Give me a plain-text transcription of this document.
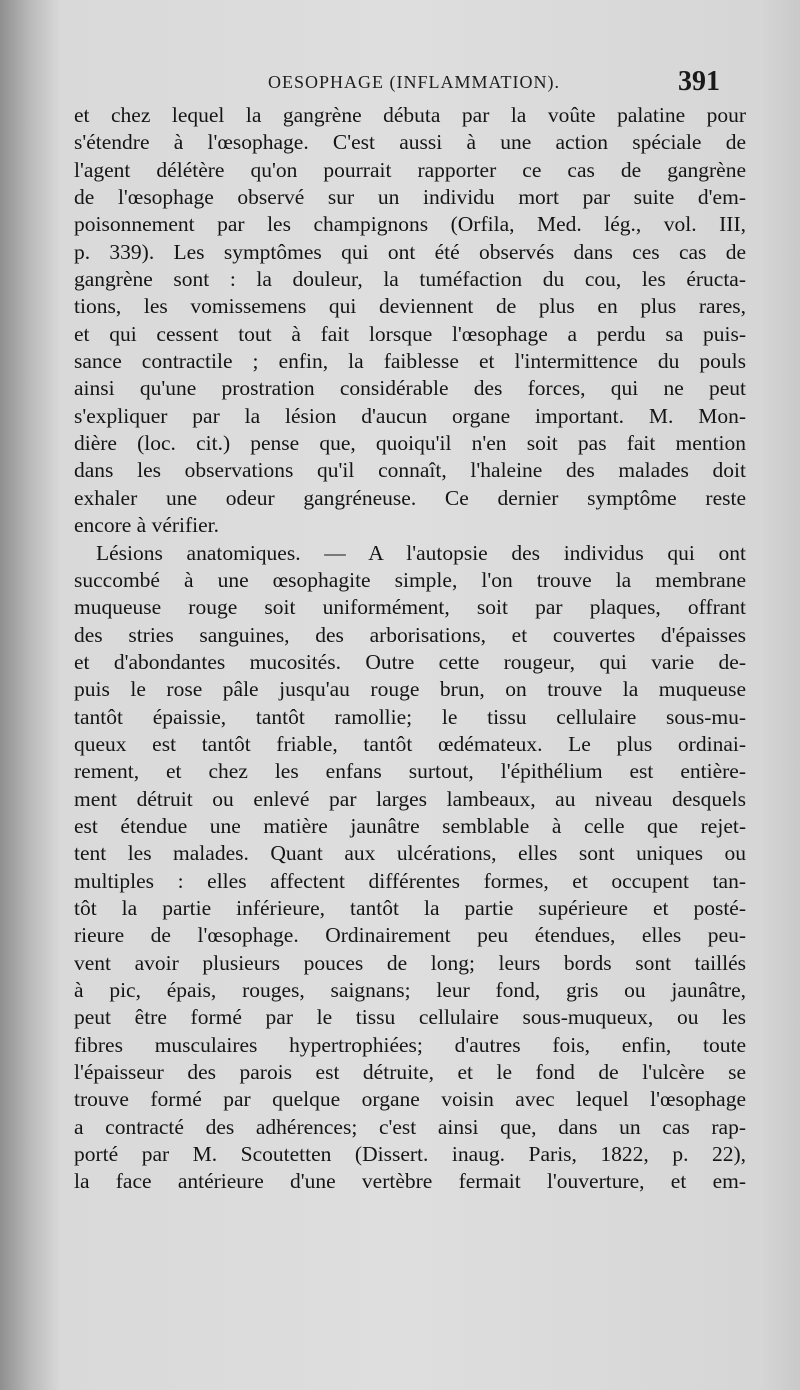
OESOPHAGE (INFLAMMATION).	391
et chez lequel la gangrène débuta par la voûte palatine pour
s'étendre à l'œsophage. C'est aussi à une action spéciale de
l'agent délétère qu'on pourrait rapporter ce cas de gangrène
de l'œsophage observé sur un individu mort par suite d'em-
poisonnement par les champignons (Orfila, Med. lég., vol. III,
p. 339). Les symptômes qui ont été observés dans ces cas de
gangrène sont : la douleur, la tuméfaction du cou, les éructa-
tions, les vomissemens qui deviennent de plus en plus rares,
et qui cessent tout à fait lorsque l'œsophage a perdu sa puis-
sance contractile ; enfin, la faiblesse et l'intermittence du pouls
ainsi qu'une prostration considérable des forces, qui ne peut
s'expliquer par la lésion d'aucun organe important. M. Mon-
dière (loc. cit.) pense que, quoiqu'il n'en soit pas fait mention
dans les observations qu'il connaît, l'haleine des malades doit
exhaler une odeur gangréneuse. Ce dernier symptôme reste
encore à vérifier.
Lésions anatomiques. — A l'autopsie des individus qui ont
succombé à une œsophagite simple, l'on trouve la membrane
muqueuse rouge soit uniformément, soit par plaques, offrant
des stries sanguines, des arborisations, et couvertes d'épaisses
et d'abondantes mucosités. Outre cette rougeur, qui varie de-
puis le rose pâle jusqu'au rouge brun, on trouve la muqueuse
tantôt épaissie, tantôt ramollie; le tissu cellulaire sous-mu-
queux est tantôt friable, tantôt œdémateux. Le plus ordinai-
rement, et chez les enfans surtout, l'épithélium est entière-
ment détruit ou enlevé par larges lambeaux, au niveau desquels
est étendue une matière jaunâtre semblable à celle que rejet-
tent les malades. Quant aux ulcérations, elles sont uniques ou
multiples : elles affectent différentes formes, et occupent tan-
tôt la partie inférieure, tantôt la partie supérieure et posté-
rieure de l'œsophage. Ordinairement peu étendues, elles peu-
vent avoir plusieurs pouces de long; leurs bords sont taillés
à pic, épais, rouges, saignans; leur fond, gris ou jaunâtre,
peut être formé par le tissu cellulaire sous-muqueux, ou les
fibres musculaires hypertrophiées; d'autres fois, enfin, toute
l'épaisseur des parois est détruite, et le fond de l'ulcère se
trouve formé par quelque organe voisin avec lequel l'œsophage
a contracté des adhérences; c'est ainsi que, dans un cas rap-
porté par M. Scoutetten (Dissert. inaug. Paris, 1822, p. 22),
la face antérieure d'une vertèbre fermait l'ouverture, et em-
